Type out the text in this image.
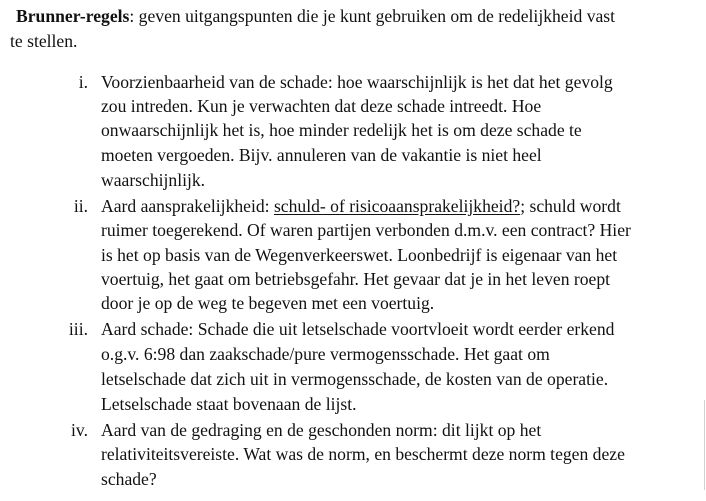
Brunner-regels: geven uitgangspunten die je kunt gebruiken om de redelijkheid vast
te stellen.
i. Voorzienbaarheid van de schade: hoe waarschijnlijk is het dat het gevolg
zou intreden. Kun je verwachten dat deze schade intreedt. Hoe
onwaarschijnlijk het is, hoe minder redelijk het is om deze schade te
moeten vergoeden. Bijv. annuleren van de vakantie is niet heel
waarschijnlijk.
ii. Aard aansprakelijkheid: schuld- of risicoaansprakelijkheid?; schuld wordt
ruimer toegerekend. Of waren partijen verbonden d.m.v. een contract? Hier
is het op basis van de Wegenverkeerswet. Loonbedrijf is eigenaar van het
voertuig, het gaat om betriebsgefahr. Het gevaar dat je in het leven roept
door je op de weg te begeven met een voertuig.
iii. Aard schade: Schade die uit letselschade voortvloeit wordt eerder erkend
o.g.v. 6:98 dan zaakschade/pure vermogensschade. Het gaat om
letselschade dat zich uit in vermogensschade, de kosten van de operatie.
Letselschade staat bovenaan de lijst.
iv. Aard van de gedraging en de geschonden norm: dit lijkt op het
relativiteitsvereiste. Wat was de norm, en beschermt deze norm tegen deze
schade?
